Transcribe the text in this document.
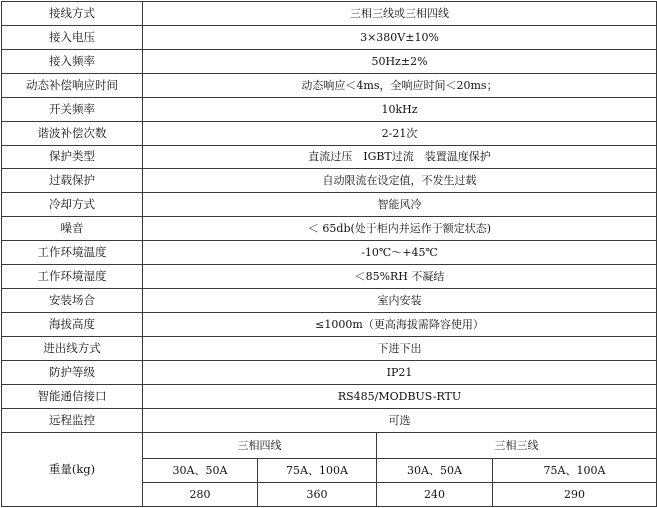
接线方式	三相三线或三相四线			
接入电压	3×380V±10%			
接入频率	50Hz±2%			
动态补偿响应时间	动态响应＜4ms，全响应时间＜20ms；			
开关频率	10kHz			
谐波补偿次数	2-21次			
保护类型	直流过压　IGBT过流　装置温度保护			
过载保护	自动限流在设定值，不发生过载			
冷却方式	智能风冷			
噪音	＜ 65db(处于柜内并运作于额定状态)			
工作环境温度	-10℃～+45℃			
工作环境湿度	＜85%RH 不凝结			
安装场合	室内安装			
海拔高度	≤1000m（更高海拔需降容使用）			
进出线方式	下进下出			
防护等级	IP21			
智能通信接口	RS485/MODBUS-RTU			
远程监控	可选			
重量(kg)	三相四线		三相三线	
	30A、50A	75A、100A	30A、50A	75A、100A
	280	360	240	290
